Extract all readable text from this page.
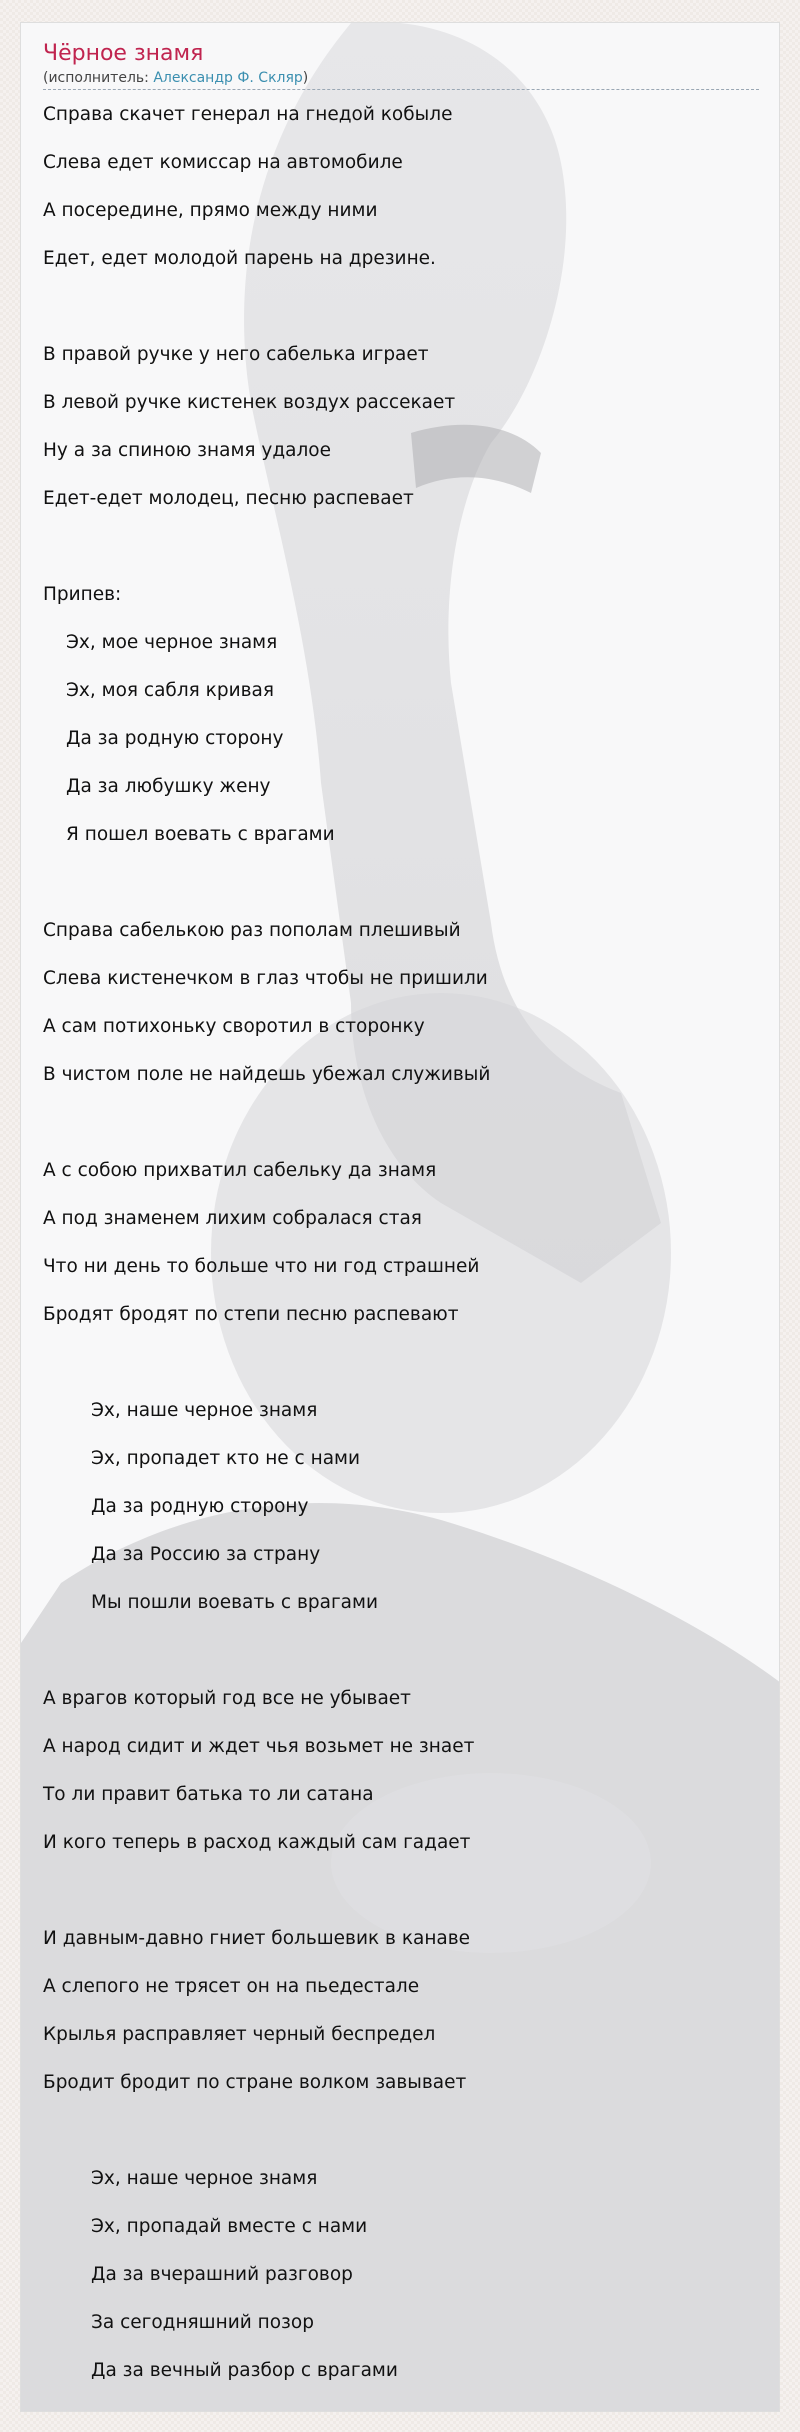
Чёрное знамя
(исполнитель: Александр Ф. Скляр)
Справа скачет генерал на гнедой кобыле
Слева едет комиссар на автомобиле
А посередине, прямо между ними
Едет, едет молодой парень на дрезине.
В правой ручке у него сабелька играет
В левой ручке кистенек воздух рассекает
Ну а за спиною знамя удалое
Едет-едет молодец, песню распевает
Припев:
Эх, мое черное знамя
Эх, моя сабля кривая
Да за родную сторону
Да за любушку жену
Я пошел воевать с врагами
Справа сабелькою раз пополам плешивый
Слева кистенечком в глаз чтобы не пришили
А сам потихоньку своротил в сторонку
В чистом поле не найдешь убежал служивый
А с собою прихватил сабельку да знамя
А под знаменем лихим собралася стая
Что ни день то больше что ни год страшней
Бродят бродят по степи песню распевают
Эх, наше черное знамя
Эх, пропадет кто не с нами
Да за родную сторону
Да за Россию за страну
Мы пошли воевать с врагами
А врагов который год все не убывает
А народ сидит и ждет чья возьмет не знает
То ли правит батька то ли сатана
И кого теперь в расход каждый сам гадает
И давным-давно гниет большевик в канаве
А слепого не трясет он на пьедестале
Крылья расправляет черный беспредел
Бродит бродит по стране волком завывает
Эх, наше черное знамя
Эх, пропадай вместе с нами
Да за вчерашний разговор
За сегодняшний позор
Да за вечный разбор с врагами
